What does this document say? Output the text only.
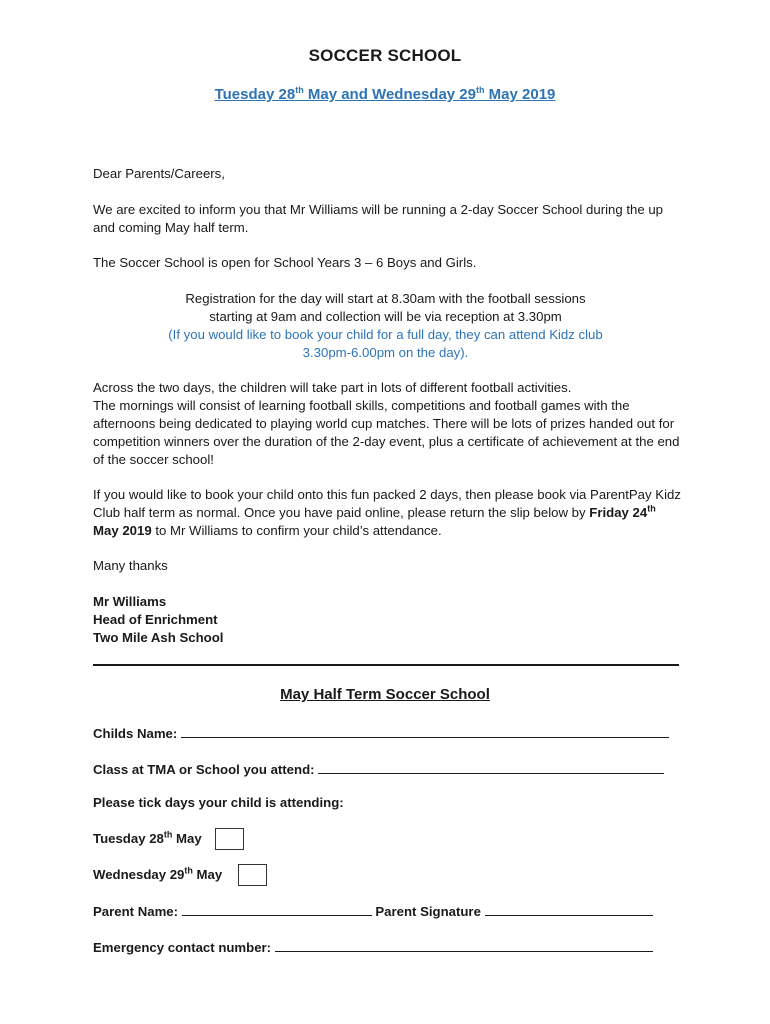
SOCCER SCHOOL
Tuesday 28th May and Wednesday 29th May 2019

Dear Parents/Careers,

We are excited to inform you that Mr Williams will be running a 2-day Soccer School during the up and coming May half term.

The Soccer School is open for School Years 3 – 6 Boys and Girls.

Registration for the day will start at 8.30am with the football sessions
starting at 9am and collection will be via reception at 3.30pm
(If you would like to book your child for a full day, they can attend Kidz club
3.30pm-6.00pm on the day).
Across the two days, the children will take part in lots of different football activities.
The mornings will consist of learning football skills, competitions and football games with the afternoons being dedicated to playing world cup matches. There will be lots of prizes handed out for competition winners over the duration of the 2-day event, plus a certificate of achievement at the end of the soccer school!

If you would like to book your child onto this fun packed 2 days, then please book via ParentPay Kidz Club half term as normal. Once you have paid online, please return the slip below by Friday 24th May 2019 to Mr Williams to confirm your child’s attendance.

Many thanks

Mr Williams
Head of Enrichment
Two Mile Ash School
May Half Term Soccer School
Childs Name:
Class at TMA or School you attend:
Please tick days your child is attending:
Tuesday 28th May
Wednesday 29th May
Parent Name:	Parent Signature
Emergency contact number:
